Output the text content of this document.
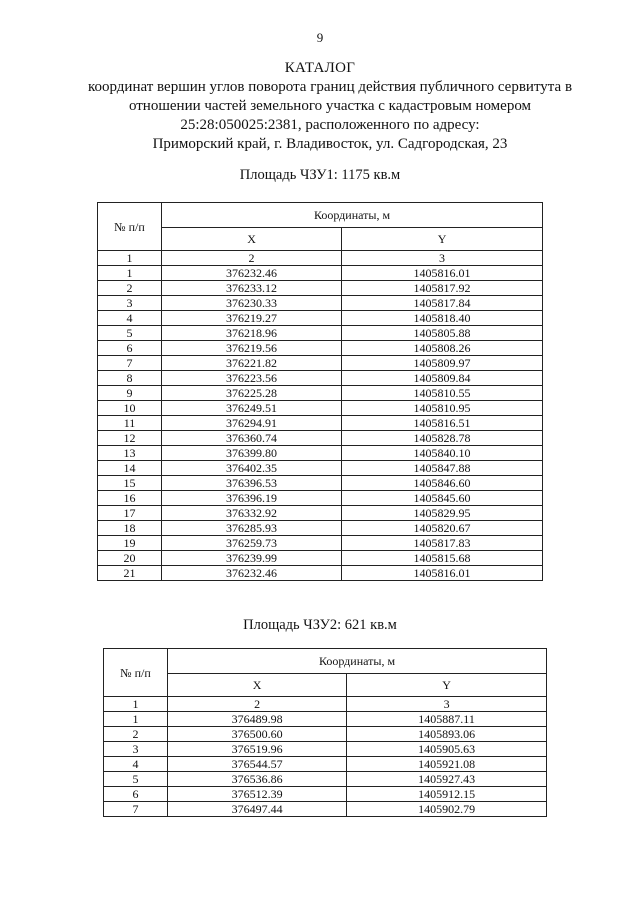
9
КАТАЛОГ
координат вершин углов поворота границ действия публичного сервитута в
отношении частей земельного участка с кадастровым номером
25:28:050025:2381, расположенного по адресу:
Приморский край, г. Владивосток, ул. Садгородская, 23
Площадь ЧЗУ1: 1175 кв.м
№ п/п	Координаты, м	
	X	Y
1	2	3
1	376232.46	1405816.01
2	376233.12	1405817.92
3	376230.33	1405817.84
4	376219.27	1405818.40
5	376218.96	1405805.88
6	376219.56	1405808.26
7	376221.82	1405809.97
8	376223.56	1405809.84
9	376225.28	1405810.55
10	376249.51	1405810.95
11	376294.91	1405816.51
12	376360.74	1405828.78
13	376399.80	1405840.10
14	376402.35	1405847.88
15	376396.53	1405846.60
16	376396.19	1405845.60
17	376332.92	1405829.95
18	376285.93	1405820.67
19	376259.73	1405817.83
20	376239.99	1405815.68
21	376232.46	1405816.01
Площадь ЧЗУ2: 621 кв.м
№ п/п	Координаты, м	
	X	Y
1	2	3
1	376489.98	1405887.11
2	376500.60	1405893.06
3	376519.96	1405905.63
4	376544.57	1405921.08
5	376536.86	1405927.43
6	376512.39	1405912.15
7	376497.44	1405902.79
